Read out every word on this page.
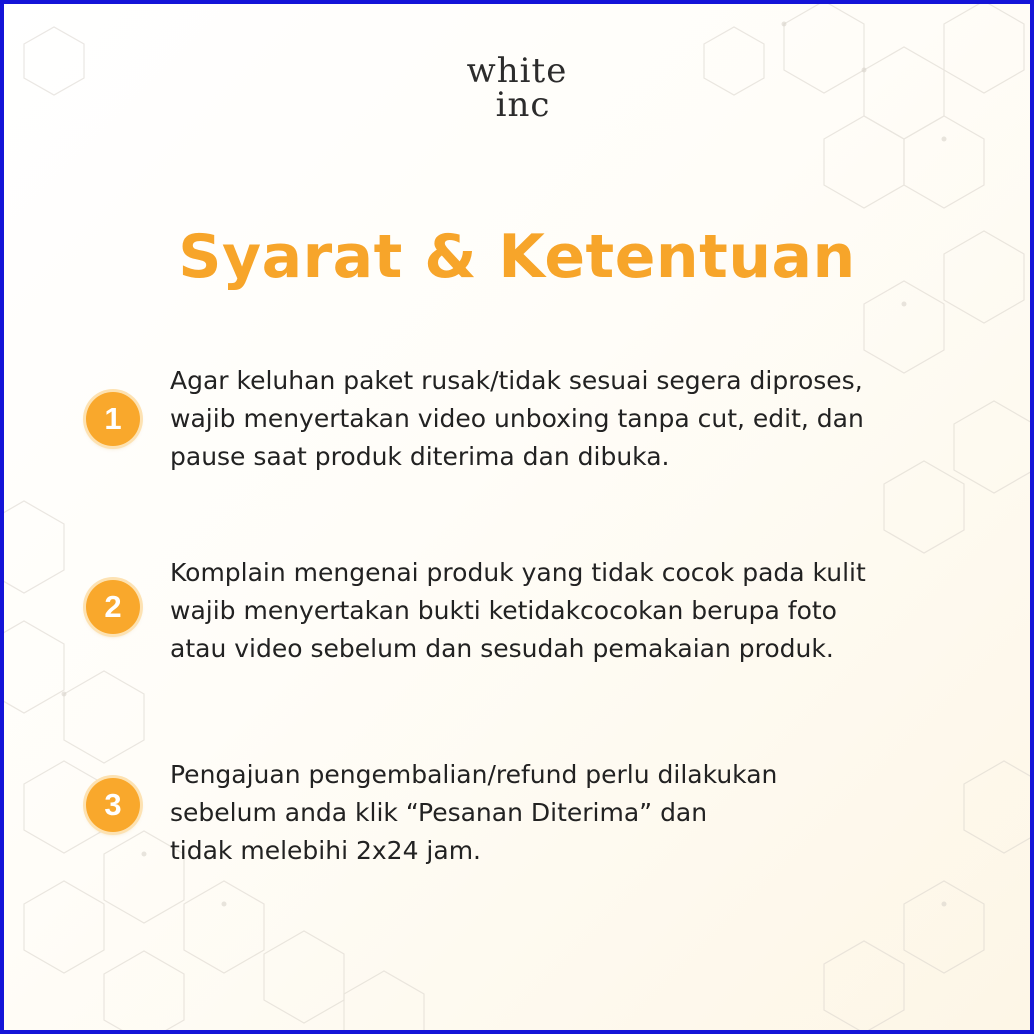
white
inc
Syarat & Ketentuan
1
Agar keluhan paket rusak/tidak sesuai segera diproses,
wajib menyertakan video unboxing tanpa cut, edit, dan
pause saat produk diterima dan dibuka.
2
Komplain mengenai produk yang tidak cocok pada kulit
wajib menyertakan bukti ketidakcocokan berupa foto
atau video sebelum dan sesudah pemakaian produk.
3
Pengajuan pengembalian/refund perlu dilakukan
sebelum anda klik “Pesanan Diterima” dan
tidak melebihi 2x24 jam.
